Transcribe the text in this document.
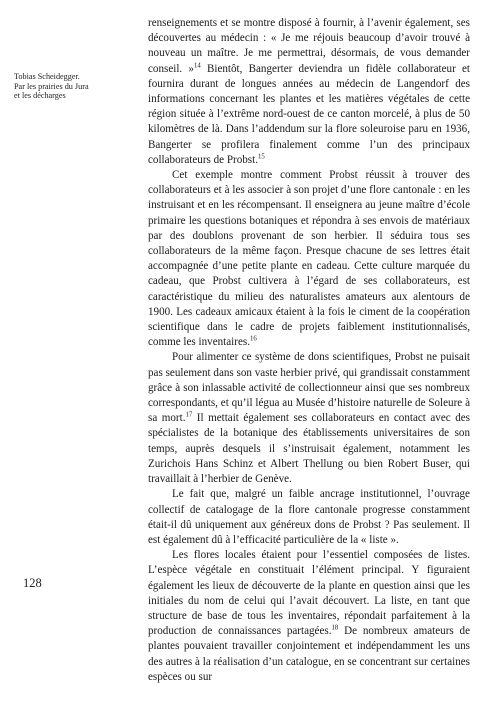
Tobias Scheidegger.
Par les prairies du Jura
et les décharges
128

renseignements et se montre disposé à fournir, à l’avenir également, ses découvertes au médecin : « Je me réjouis beaucoup d’avoir trouvé à nouveau un maître. Je me permettrai, désormais, de vous demander conseil. »$^{14}$ Bientôt, Bangerter deviendra un fidèle collaborateur et fournira durant de longues années au médecin de Langendorf des informations concernant les plantes et les matières végétales de cette région située à l’extrême nord-ouest de ce canton morcelé, à plus de 50 kilomètres de là. Dans l’addendum sur la flore soleuroise paru en 1936, Bangerter se profilera finalement comme l’un des principaux collaborateurs de Probst.$^{15}$

Cet exemple montre comment Probst réussit à trouver des collaborateurs et à les associer à son projet d’une flore cantonale : en les instruisant et en les récompensant. Il enseignera au jeune maître d’école primaire les questions botaniques et répondra à ses envois de matériaux par des doublons provenant de son herbier. Il séduira tous ses collaborateurs de la même façon. Presque chacune de ses lettres était accompagnée d’une petite plante en cadeau. Cette culture marquée du cadeau, que Probst cultivera à l’égard de ses collaborateurs, est caractéristique du milieu des naturalistes amateurs aux alentours de 1900. Les cadeaux amicaux étaient à la fois le ciment de la coopération scientifique dans le cadre de projets faiblement institutionnalisés, comme les inventaires.$^{16}$

Pour alimenter ce système de dons scientifiques, Probst ne puisait pas seulement dans son vaste herbier privé, qui grandissait constamment grâce à son inlassable activité de collectionneur ainsi que ses nombreux correspondants, et qu’il légua au Musée d’histoire naturelle de Soleure à sa mort.$^{17}$ Il mettait également ses collaborateurs en contact avec des spécialistes de la botanique des établissements universitaires de son temps, auprès desquels il s’instruisait également, notamment les Zurichois Hans Schinz et Albert Thellung ou bien Robert Buser, qui travaillait à l’herbier de Genève.

Le fait que, malgré un faible ancrage institutionnel, l’ouvrage collectif de catalogage de la flore cantonale progresse constamment était-il dû uniquement aux généreux dons de Probst ? Pas seulement. Il est également dû à l’efficacité particulière de la « liste ».

Les flores locales étaient pour l’essentiel composées de listes. L’espèce végétale en constituait l’élément principal. Y figuraient également les lieux de découverte de la plante en question ainsi que les initiales du nom de celui qui l’avait découvert. La liste, en tant que structure de base de tous les inventaires, répondait parfaitement à la production de connaissances partagées.$^{18}$ De nombreux amateurs de plantes pouvaient travailler conjointement et indépendamment les uns des autres à la réalisation d’un catalogue, en se concentrant sur certaines espèces ou sur
